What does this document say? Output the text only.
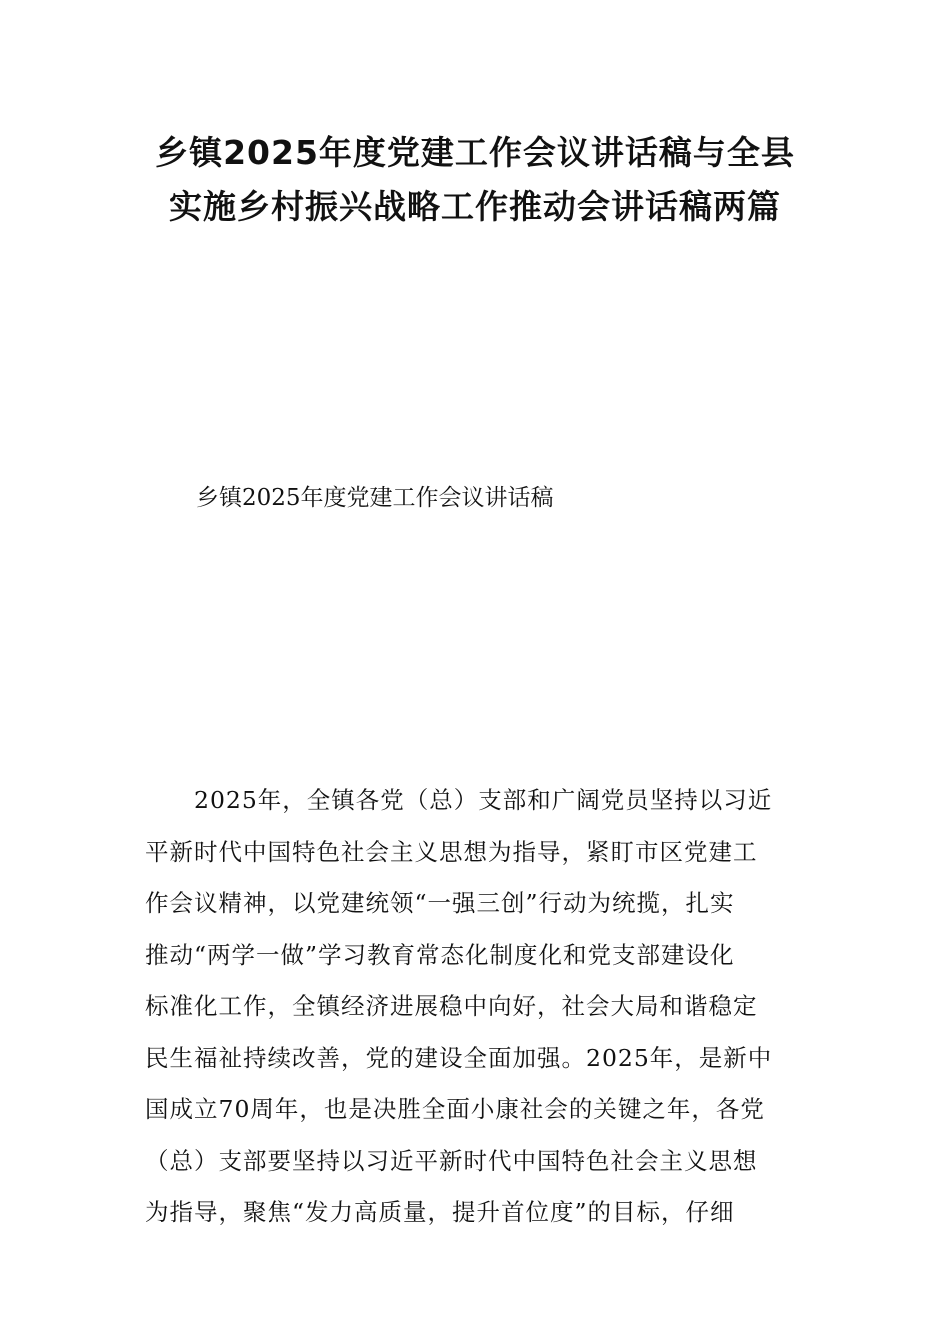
乡镇2025年度党建工作会议讲话稿与全县
实施乡村振兴战略工作推动会讲话稿两篇
乡镇2025年度党建工作会议讲话稿
2025年，全镇各党（总）支部和广阔党员坚持以习近
平新时代中国特色社会主义思想为指导，紧盯市区党建工
作会议精神，以党建统领“一强三创”行动为统揽，扎实
推动“两学一做”学习教育常态化制度化和党支部建设化
标准化工作，全镇经济进展稳中向好，社会大局和谐稳定
民生福祉持续改善，党的建设全面加强。2025年，是新中
国成立70周年，也是决胜全面小康社会的关键之年，各党
（总）支部要坚持以习近平新时代中国特色社会主义思想
为指导，聚焦“发力高质量，提升首位度”的目标，仔细
